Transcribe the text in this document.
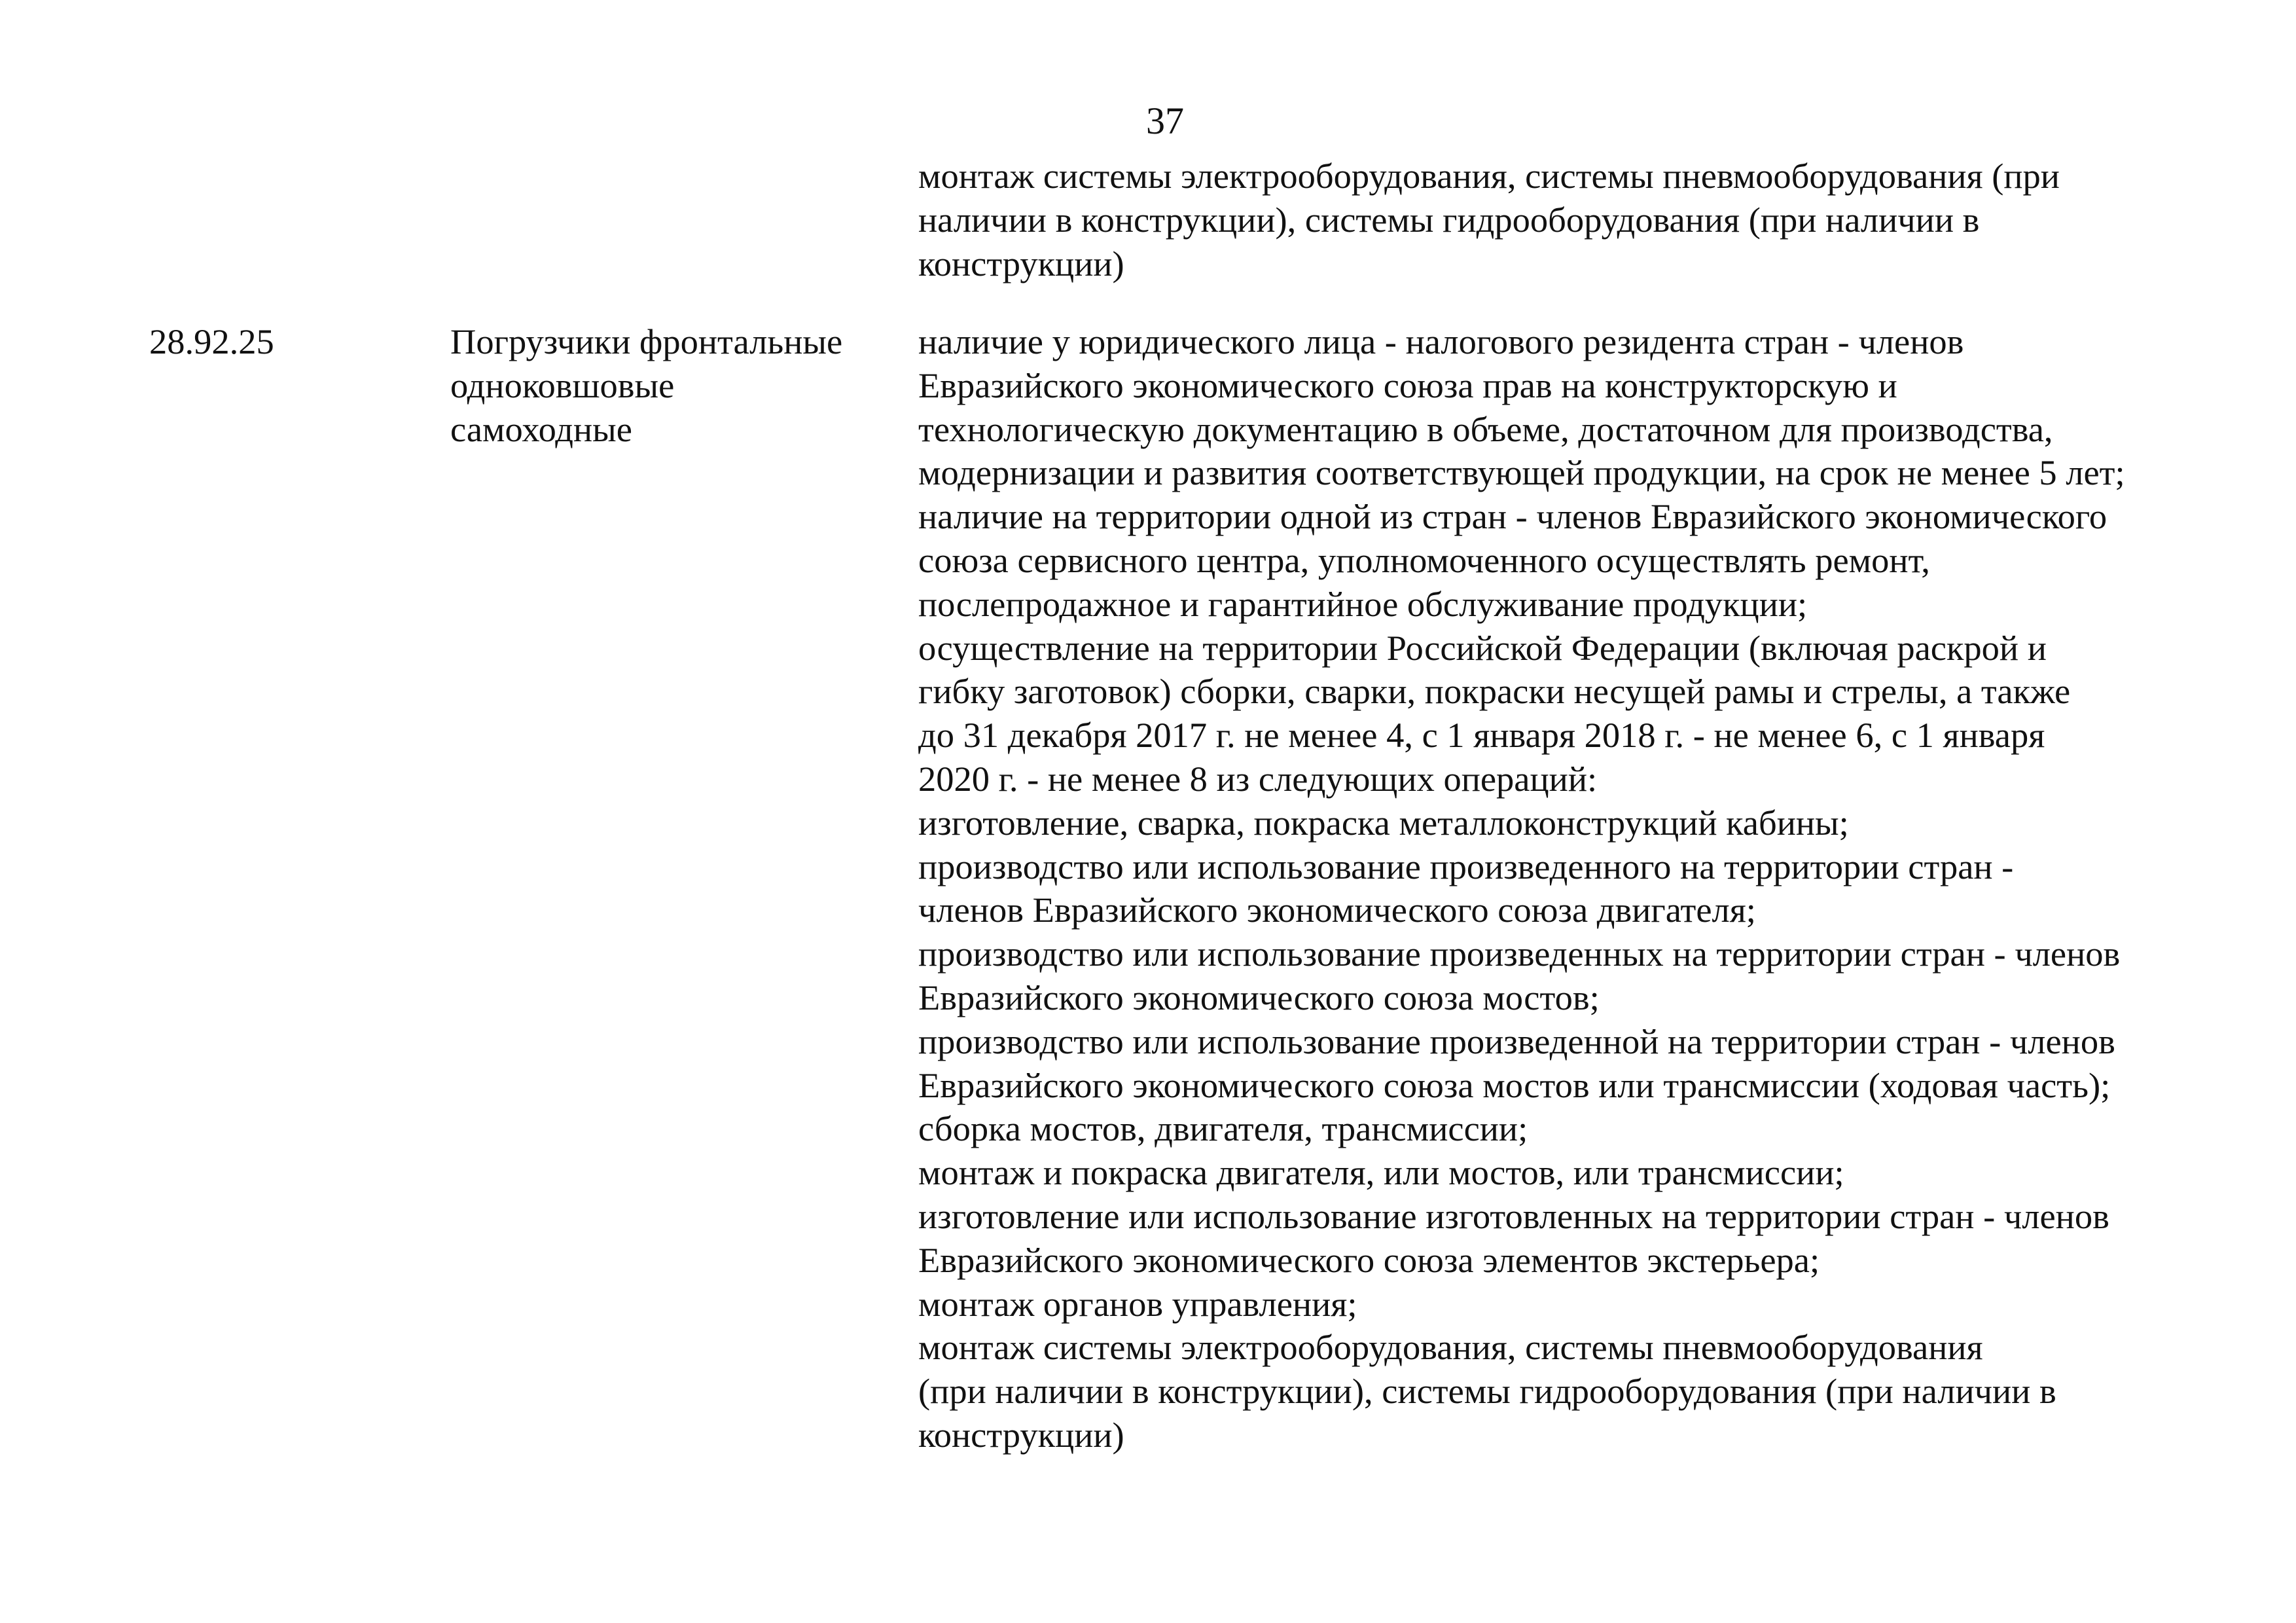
37
монтаж системы электрооборудования, системы пневмооборудования (при
наличии в конструкции), системы гидрооборудования (при наличии в
конструкции)
28.92.25	Погрузчики фронтальные
одноковшовые
самоходные
наличие у юридического лица - налогового резидента стран - членов
Евразийского экономического союза прав на конструкторскую и
технологическую документацию в объеме, достаточном для производства,
модернизации и развития соответствующей продукции, на срок не менее 5 лет;
наличие на территории одной из стран - членов Евразийского экономического
союза сервисного центра, уполномоченного осуществлять ремонт,
послепродажное и гарантийное обслуживание продукции;
осуществление на территории Российской Федерации (включая раскрой и
гибку заготовок) сборки, сварки, покраски несущей рамы и стрелы, а также
до 31 декабря 2017 г. не менее 4, с 1 января 2018 г. - не менее 6, с 1 января
2020 г. - не менее 8 из следующих операций:
изготовление, сварка, покраска металлоконструкций кабины;
производство или использование произведенного на территории стран -
членов Евразийского экономического союза двигателя;
производство или использование произведенных на территории стран - членов
Евразийского экономического союза мостов;
производство или использование произведенной на территории стран - членов
Евразийского экономического союза мостов или трансмиссии (ходовая часть);
сборка мостов, двигателя, трансмиссии;
монтаж и покраска двигателя, или мостов, или трансмиссии;
изготовление или использование изготовленных на территории стран - членов
Евразийского экономического союза элементов экстерьера;
монтаж органов управления;
монтаж системы электрооборудования, системы пневмооборудования
(при наличии в конструкции), системы гидрооборудования (при наличии в
конструкции)
